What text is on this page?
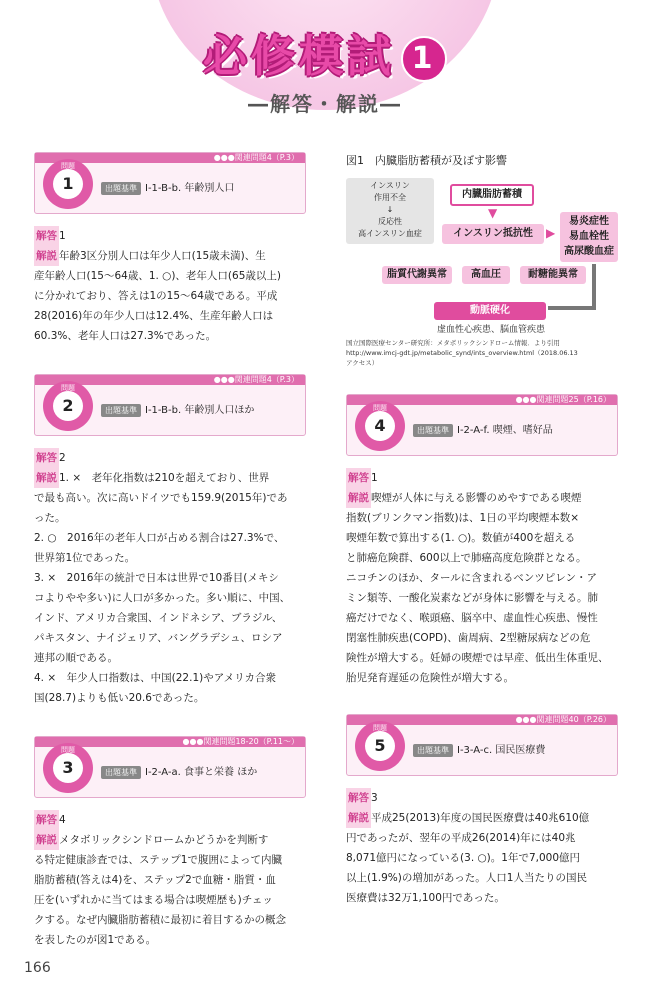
必修模試 1
―解答・解説―
●●●関連問題4（P.3）
問題
1	出題基準 Ⅰ-1-B-b. 年齢別人口

解答 1

解説 年齢3区分別人口は年少人口(15歳未満)、生
産年齢人口(15～64歳、1. ○)、老年人口(65歳以上)
に分かれており、答えは1の15～64歳である。平成
28(2016)年の年少人口は12.4%、生産年齢人口は
60.3%、老年人口は27.3%であった。

●●●関連問題4（P.3）
問題
2	出題基準 Ⅰ-1-B-b. 年齢別人口ほか

解答 2

解説 1. ×　老年化指数は210を超えており、世界
で最も高い。次に高いドイツでも159.9(2015年)であ
った。
2. ○　2016年の老年人口が占める割合は27.3%で、
世界第1位であった。
3. ×　2016年の統計で日本は世界で10番目(メキシ
コよりやや多い)に人口が多かった。多い順に、中国、
インド、アメリカ合衆国、インドネシア、ブラジル、
パキスタン、ナイジェリア、バングラデシュ、ロシア
連邦の順である。
4. ×　年少人口指数は、中国(22.1)やアメリカ合衆
国(28.7)よりも低い20.6であった。

●●●関連問題18-20（P.11～）
問題
3	出題基準 Ⅰ-2-A-a. 食事と栄養 ほか

解答 4

解説 メタボリックシンドロームかどうかを判断す
る特定健康診査では、ステップ1で腹囲によって内臓
脂肪蓄積(答えは4)を、ステップ2で血糖・脂質・血
圧を(いずれかに当てはまる場合は喫煙歴も)チェッ
クする。なぜ内臓脂肪蓄積に最初に着目するかの概念
を表したのが図1である。

図1　内臓脂肪蓄積が及ぼす影響
インスリン
作用不全
↓
反応性
高インスリン血症
内臓脂肪蓄積
▼
インスリン抵抗性	▶
易炎症性
易血栓性
高尿酸血症
脂質代謝異常	高血圧	耐糖能異常
動脈硬化
虚血性心疾患、脳血管疾患
国立国際医療センター研究所：メタボリックシンドローム情報．より引用
http://www.imcj-gdt.jp/metabolic_synd/ints_overview.html（2018.06.13
アクセス）
●●●関連問題25（P.16）
問題
4	出題基準 Ⅰ-2-A-f. 喫煙、嗜好品

解答 1

解説 喫煙が人体に与える影響のめやすである喫煙
指数(ブリンクマン指数)は、1日の平均喫煙本数×
喫煙年数で算出する(1. ○)。数値が400を超える
と肺癌危険群、600以上で肺癌高度危険群となる。
ニコチンのほか、タールに含まれるベンツピレン・ア
ミン類等、一酸化炭素などが身体に影響を与える。肺
癌だけでなく、喉頭癌、脳卒中、虚血性心疾患、慢性
閉塞性肺疾患(COPD)、歯周病、2型糖尿病などの危
険性が増大する。妊婦の喫煙では早産、低出生体重児、
胎児発育遅延の危険性が増大する。

●●●関連問題40（P.26）
問題
5	出題基準 Ⅰ-3-A-c. 国民医療費

解答 3

解説 平成25(2013)年度の国民医療費は40兆610億
円であったが、翌年の平成26(2014)年には40兆
8,071億円になっている(3. ○)。1年で7,000億円
以上(1.9%)の増加があった。人口1人当たりの国民
医療費は32万1,100円であった。

166
